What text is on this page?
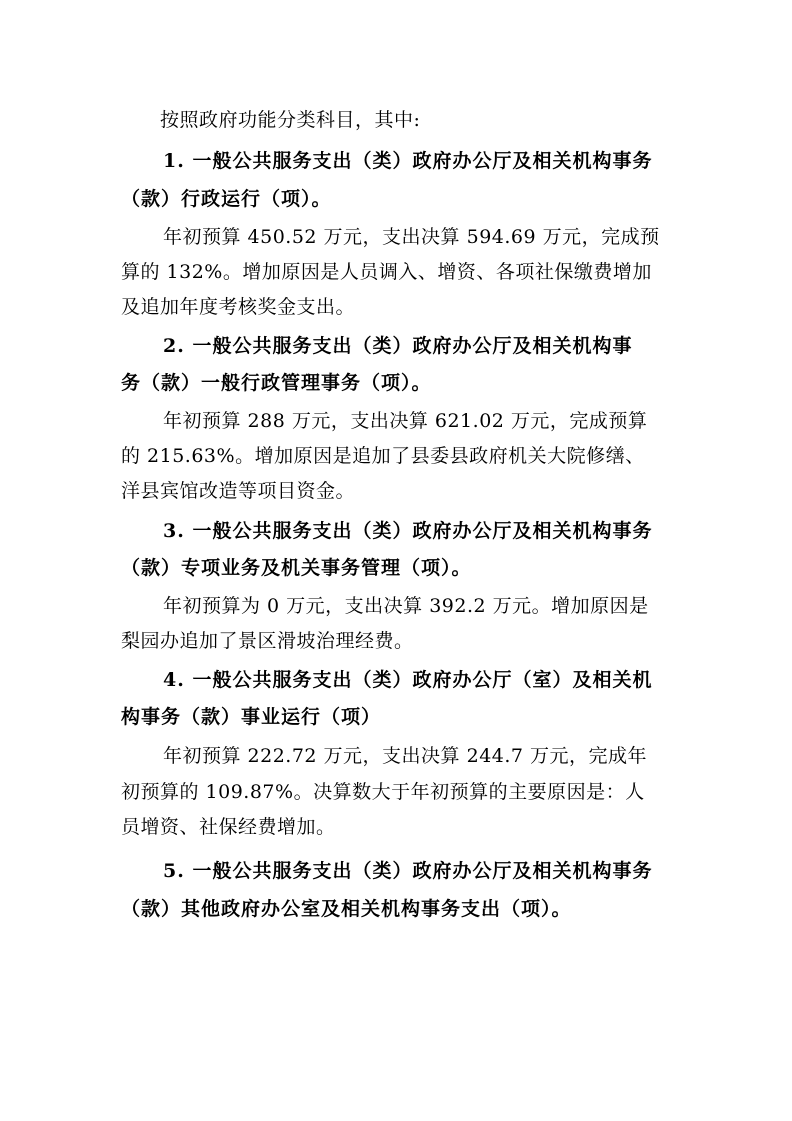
按照政府功能分类科目，其中:
1. 一般公共服务支出（类）政府办公厅及相关机构事务
（款）行政运行（项）。
年初预算 450.52 万元，支出决算 594.69 万元，完成预
算的 132%。增加原因是人员调入、增资、各项社保缴费增加
及追加年度考核奖金支出。
2. 一般公共服务支出（类）政府办公厅及相关机构事
务（款）一般行政管理事务（项）。
年初预算 288 万元，支出决算 621.02 万元，完成预算
的 215.63%。增加原因是追加了县委县政府机关大院修缮、
洋县宾馆改造等项目资金。
3. 一般公共服务支出（类）政府办公厅及相关机构事务
（款）专项业务及机关事务管理（项）。
年初预算为 0 万元，支出决算 392.2 万元。增加原因是
梨园办追加了景区滑坡治理经费。
4. 一般公共服务支出（类）政府办公厅（室）及相关机
构事务（款）事业运行（项）
年初预算 222.72 万元，支出决算 244.7 万元，完成年
初预算的 109.87%。决算数大于年初预算的主要原因是：人
员增资、社保经费增加。
5. 一般公共服务支出（类）政府办公厅及相关机构事务
（款）其他政府办公室及相关机构事务支出（项）。
